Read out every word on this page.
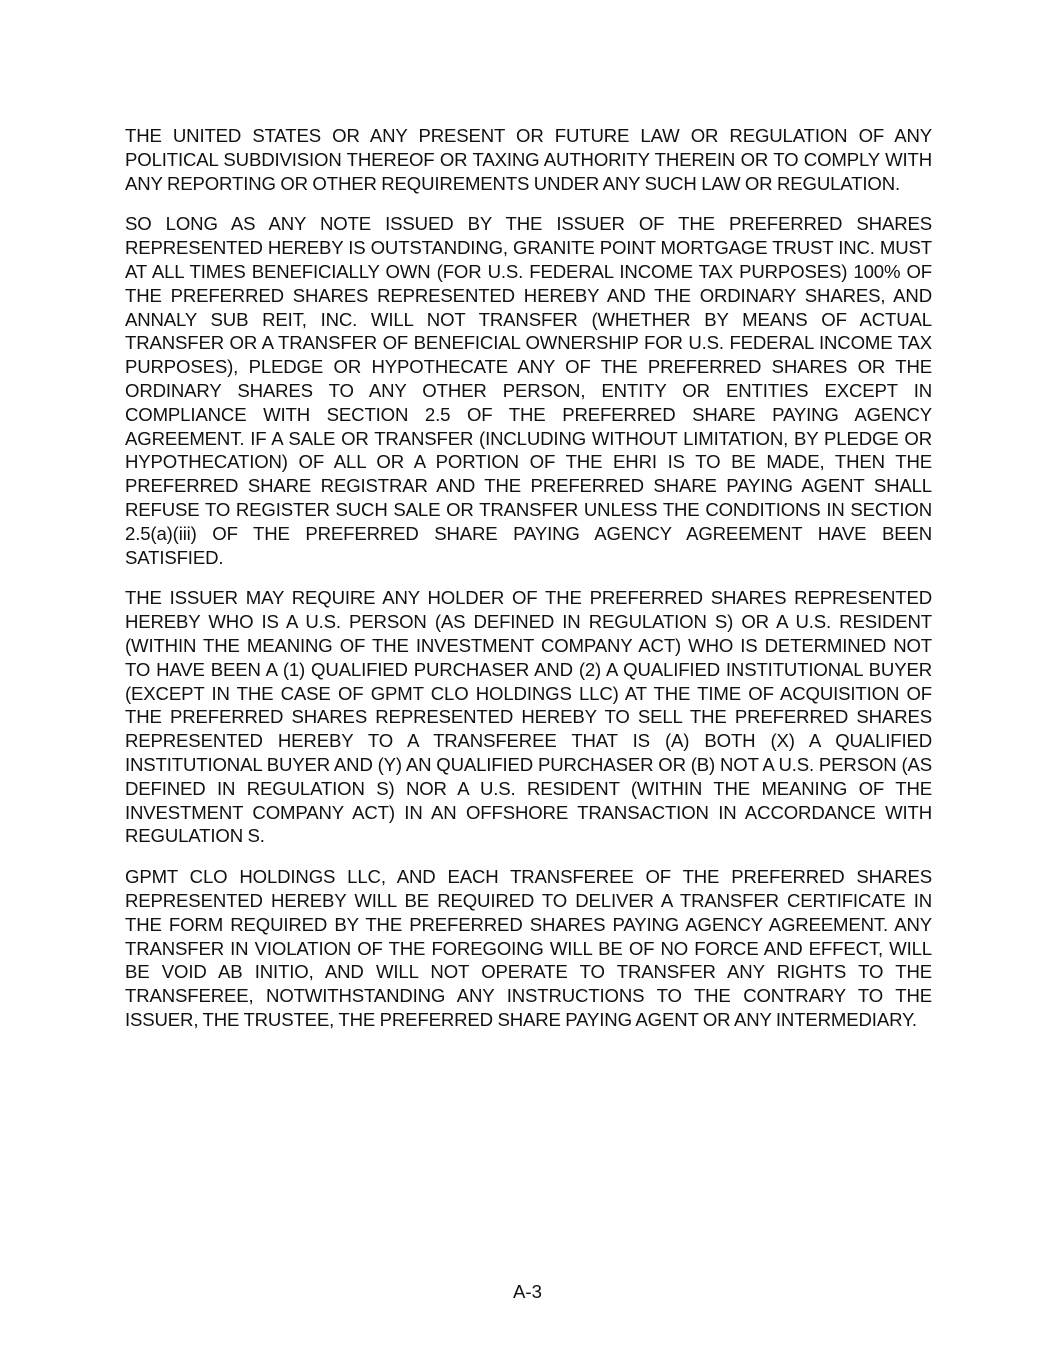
THE UNITED STATES OR ANY PRESENT OR FUTURE LAW OR REGULATION OF ANY POLITICAL SUBDIVISION THEREOF OR TAXING AUTHORITY THEREIN OR TO COMPLY WITH ANY REPORTING OR OTHER REQUIREMENTS UNDER ANY SUCH LAW OR REGULATION.

SO LONG AS ANY NOTE ISSUED BY THE ISSUER OF THE PREFERRED SHARES REPRESENTED HEREBY IS OUTSTANDING, GRANITE POINT MORTGAGE TRUST INC. MUST AT ALL TIMES BENEFICIALLY OWN (FOR U.S. FEDERAL INCOME TAX PURPOSES) 100% OF THE PREFERRED SHARES REPRESENTED HEREBY AND THE ORDINARY SHARES, AND ANNALY SUB REIT, INC. WILL NOT TRANSFER (WHETHER BY MEANS OF ACTUAL TRANSFER OR A TRANSFER OF BENEFICIAL OWNERSHIP FOR U.S. FEDERAL INCOME TAX PURPOSES), PLEDGE OR HYPOTHECATE ANY OF THE PREFERRED SHARES OR THE ORDINARY SHARES TO ANY OTHER PERSON, ENTITY OR ENTITIES EXCEPT IN COMPLIANCE WITH SECTION 2.5 OF THE PREFERRED SHARE PAYING AGENCY AGREEMENT. IF A SALE OR TRANSFER (INCLUDING WITHOUT LIMITATION, BY PLEDGE OR HYPOTHECATION) OF ALL OR A PORTION OF THE EHRI IS TO BE MADE, THEN THE PREFERRED SHARE REGISTRAR AND THE PREFERRED SHARE PAYING AGENT SHALL REFUSE TO REGISTER SUCH SALE OR TRANSFER UNLESS THE CONDITIONS IN SECTION 2.5(a)(iii) OF THE PREFERRED SHARE PAYING AGENCY AGREEMENT HAVE BEEN SATISFIED.

THE ISSUER MAY REQUIRE ANY HOLDER OF THE PREFERRED SHARES REPRESENTED HEREBY WHO IS A U.S. PERSON (AS DEFINED IN REGULATION S) OR A U.S. RESIDENT (WITHIN THE MEANING OF THE INVESTMENT COMPANY ACT) WHO IS DETERMINED NOT TO HAVE BEEN A (1) QUALIFIED PURCHASER AND (2) A QUALIFIED INSTITUTIONAL BUYER (EXCEPT IN THE CASE OF GPMT CLO HOLDINGS LLC) AT THE TIME OF ACQUISITION OF THE PREFERRED SHARES REPRESENTED HEREBY TO SELL THE PREFERRED SHARES REPRESENTED HEREBY TO A TRANSFEREE THAT IS (A) BOTH (X) A QUALIFIED INSTITUTIONAL BUYER AND (Y) AN QUALIFIED PURCHASER OR (B) NOT A U.S. PERSON (AS DEFINED IN REGULATION S) NOR A U.S. RESIDENT (WITHIN THE MEANING OF THE INVESTMENT COMPANY ACT) IN AN OFFSHORE TRANSACTION IN ACCORDANCE WITH REGULATION S.

GPMT CLO HOLDINGS LLC, AND EACH TRANSFEREE OF THE PREFERRED SHARES REPRESENTED HEREBY WILL BE REQUIRED TO DELIVER A TRANSFER CERTIFICATE IN THE FORM REQUIRED BY THE PREFERRED SHARES PAYING AGENCY AGREEMENT. ANY TRANSFER IN VIOLATION OF THE FOREGOING WILL BE OF NO FORCE AND EFFECT, WILL BE VOID AB INITIO, AND WILL NOT OPERATE TO TRANSFER ANY RIGHTS TO THE TRANSFEREE, NOTWITHSTANDING ANY INSTRUCTIONS TO THE CONTRARY TO THE ISSUER, THE TRUSTEE, THE PREFERRED SHARE PAYING AGENT OR ANY INTERMEDIARY.

A-3
